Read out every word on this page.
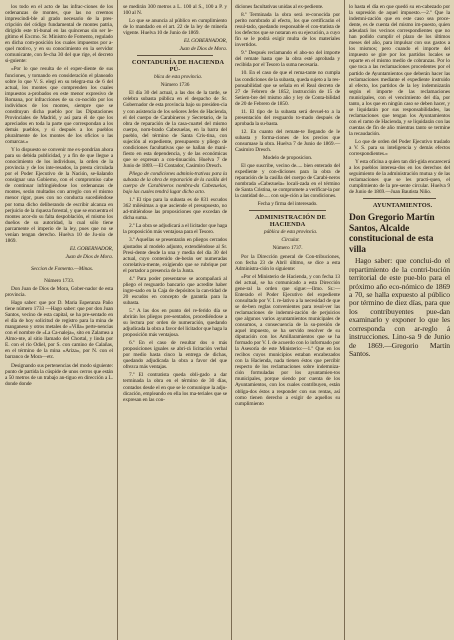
los todo en el acto de las infrac-ciones de los ordenanzas de montes, que las no creemos imprescindi-ble al grado necesario de la pres-cripción del código fundamental de montes patria, dirigido este tri-bunal en las quincenas sin ser le-gítimo el Excmo. Sr. Ministro de Fomento, regulado en dicha com-posición los cuales impuestos por a-quel motivo, y en su conocimiento en la servidor comunicante, con fe-cha 30 del que rige, el decreto si-guiente:

«Por lo que resulta de el exper-diente de sus funciones, y tomando en consideración el planeado sobre lo que V. S. elegí en su telegra-ma de 6 del actual, los montes que comprenden los cuales impuestos a-probados en este menor expresivo de Romana, por infracciones de su co-nocido por los individuos de los montes, siempre que se constituyan dicha pueblo por las Diputaciones Provinciales de Madrid, y así para él de que los apreciados en toda la parte que correspondan a los demás pueblos, y si después a los pueblos pluralmente de los montes de los oficios o las comarcas.»

Y lo dispuesto se convenir me ex-pondrían ahora para su debida publicidad, y a fin de que llegue a conocimiento de los individuos, la orden de la provincia y de los inte-resados, la presta circulada por el Poder Ejecutivo de la Nación, se-ñalando consignar una Gobierno, con el compromiso cabe de continuar infringiéndose los ordenanzas de montes, serán multados con arreglo con el mismo menor rigor, pues con no conducta sucediéndose por toma dicho deliberando de escribir alcanza en perjuicio de la riqueza forestal, y que se encuentra el montes acor-do su falta despoblación, el mismo los dueños de su autoridad, la cual sólo tiene parcamente el imperio de la ley, pues que no se venían tengan derecho. Huelva 10 de Ju-nio de 1869.

EL GOBERNADOR,

Juan de Dios de Mora.

Seccion de Fomento.—Minas.

Número 1733.

Don Juan de Dios de Mora, Gober-nador de esta provincia.

Hago saber: que por D. Maria Esperanza Paño tiene número 1733 —Hago saber: que por don Juan Santos, vecino de esta capital, se ha pre-sentado en el día de hoy solicitud de registro para la mina de manganeso y otros metales de «Villa» perte-nencias con el nombre de «La Ca-naleja», sito en Zalamea a Almo-nte, al sitio llamado del Chortal, y linda por E. con el río Odiel, por S. con camino de Calañas, en el término de la mina «Ariza», por N. con el barranco de Mora—etc.

Designando sus pertenencias del modo siguiente: punto de partida la cúspide de unos cerros que están a 50 metros de un trabajo an-tiguo en dirección a L. donde donde

se medirán 300 metros a L. 100 al S., 100 a P. y 100 al N.

Lo que se anuncia al público en cumplimiento de lo mandado en el art. 22 de la ley de minería vigente. Huelva 10 de Junio de 1869.

EL GOBERNADOR,

Juan de Dios de Mora.

CONTADURÍA DE HACIENDA PÚ-

blica de esta provincia.

Número 1736

El día 30 del actual, a las dos de la tarde, se celebra subasta pública en el despacho de Sr. Gobernador de esta provincia bajo su presiden-cia y con asistencia de los señores Jefes de Hacienda, el del cuerpo de Carabineros y Secretario, de la obra de reparación de la casa-cuartel del mismo cuerpo, nom-brado Cabezuelas, en la barra del pueblo, del término de Santa Cris-tina, con sujeción al expediente, presupuesto y pliego de condiciones facultativas que se hallan de mani-fiesto en esta dependencia, y de las económicas que se expresan a con-tinuación. Huelva 7 de Junio de 1869.—El Contador, Casimiro Dresch.

Pliego de condiciones adminis-trativas para la subasta de la obra de reparación de la casilla del cuerpo de Carabineros nombra-da Cabezuelas, bajo las cuales tendrá lugar dicho acto.

1.º El tipo para la subasta es de 831 escudos 362 milésimas a que asciende el presupuesto, no ad-mitiéndose las proposiciones que excedan de dicha suma.

2.º La obra se adjudicará a el licitador que haga la proposición más ventajosa para el Tesoro.

3.º Aquellas se presentarán en pliegos cerrados ajustados al modelo adjunto, extendiéndose al Sr. Presi-dente desde la una y media del día 30 del actual, cuyo contenido de-berán ser numeradas correlativa-mente, exigiendo que se rubrique por el portador a presencia de la Junta.

4.º Para poder presentarse se acompañará al pliego el resguardo bancario que acredite haber ingre-sado en la Caja de depósitos la can-tidad de 20 escudos en concepto de garantía para la subasta.

5.º A las dos en punto del re-ferido día se abrirán los pliegos pre-sentados, procediéndose a su lectura por orden de numeración, quedando adjudicada la obra a favor del licitador que haga la proposición más ventajosa.

6.º En el caso de resultar dos o más proposiciones iguales se abri-rá licitación verbal por medio hasta cinco la entrega de dichas, quedando adjudicada la obra a favor del que ofrezca más ventajas.

7.º El contratista queda obli-gado a dar terminada la obra en el término de 30 días, contados desde el en que se le comunique la adju-dicación, empleando en ella los ma-teriales que se expresan en las con-

diciones facultativas unidas al ex-pediente.

8.º Terminada la obra será re-conocida por perito nombrado al efecto, los que certificarán el resul-tado, quedando responsable el con-tratista de los defectos que se notaran en su ejecución, a cuyo fin se le podrá exigir multa de los materiales invertidos.

9.º Después reclamando el abo-no del importe del remate hasta que la obra esté aprobada y recibida por el Tesoro la suma necesaria.

10. En el caso de que el rema-tante no cumpla las condiciones de la subasta, queda sujeto a la res-ponsabilidad que se señala en el Real decreto de 27 de Febrero de 1852, instrucción de 15 de Setiem-bre del mismo año y ley de Conta-bilidad de 20 de Febrero de 1850.

11. El tipo de la subasta será devuel-to a la presentación del resguardo to-mado después de aprobada la su-basta.

12. En cuanto del remate-te llegando de le subasta y forma-ciones de los precios que consumase la obra. Huelva 7 de Junio de 1869.—Casimiro Dresch.

Modelo de proposicion.

El que suscribe, vecino de..... bien enterado del expediente y con-diciones para la obra de reparación de la casilla del cuerpo de Carabi-neros nombrada «Cabezuela» locali-zada en el término de Santa Cristina, se compromete a verificar-la por la cantidad de..... con suje-ción a las condiciones.

Fecha y firma del interesado.

ADMINISTRACIÓN DE HACIENDA

pública de esta provincia.

Circular.

Número 1737.

Por la Dirección general de Con-tribuciones, con fecha 23 de Abril último, se dice a esta Administra-ción lo siguiente:

«Por el Ministerio de Hacienda, y con fecha 13 del actual, se ha comunicado a esta Dirección gene-ral la orden que sigue:—Ilmo. Sr.:—Enterado el Poder Ejecutivo del expediente consultado por V. I. re-lativo a la necesidad de que se de-ben reglas convenientes para resol-ver las reclamaciones de indemni-zación de perjuicios que algunos varios ayuntamientos municipales de consumos, a consecuencia de la su-presión de aquel impuesto, se ha servido resolver de su diputación con los Amillaramientos que se ha formado por V. I. de acuerdo con lo informado por la Asesoría de este Ministerio:—1.º Que en los recibos cuyos municipios estaban encabezados con la Hacienda, nada tienen éstos que percibir respecto de los reclamaciones sobre indemniza-ción formuladas por los ayuntamien-tos municipales, porque siendo por cuenta de los Ayuntamientos, con los cuales contribuyen, están obliga-dos éstos a responder con sus rentas, así como tienen derecho a exigir de aquellos su cumplimiento

lo hasta el día en que quedó su en-cabezado por la supresión de aquel impuesto.—2.º Que la indemni-zación que en este caso sea proce-dente, es de cuenta del mismo im-puesto, quien adeudará los vecinos correspondientes que no han podido cumplir el plazo de los últimos meses del año, para impulsar con sus gastos a los mismos; pero cuando el importe del impuesto se gire por los partidos locales se reparte en el mismo medio de cobranzas. Por lo que toca a las reclamaciones procedentes por el partido de Ayuntamientos que deberán hacer las reclamaciones mediante el expediente instruido al efecto, los partidos de la ley indemnizarán según el importe de las reclamaciones municipales, con el vencimiento del día, por tanto, a los que en ningún caso se deben hacer, y se liquidarán por sus responsabilidades, las reclamaciones que tengan los Ayuntamientos con el ramo de Hacienda, y se liquidarán con las cuentas de fin de año mientras tanto se termine la recaudación.

Lo que de orden del Poder Ejecutivo traslado a V. S. para su inteligencia y demás efectos correspondientes.»

Y esta oficina a quien tan diri-gida encarecerá a los pueblos interesa-dos en los derechos del seguimiento de la administración mutua y de las reclamaciones que se les practi-quen, el cumplimiento de la pre-sente circular. Huelva 9 de Junio de 1869.—Juan Bautista Niño.

AYUNTAMIENTOS.

Don Gregorio Martín Santos, Alcalde constitucional de esta villa

Hago saber: que conclui-do el repartimiento de la contri-bución territorial de este pue-blo para el próximo año eco-nómico de 1869 a 70, se halla expuesto al público por término de diez días, para que los contribuyentes pue-dan examinarlo y exponer lo que les corresponda con ar-reglo á instrucciones. Lino-sa 9 de Junio de 1869.—Gregorio Martín Santos.
